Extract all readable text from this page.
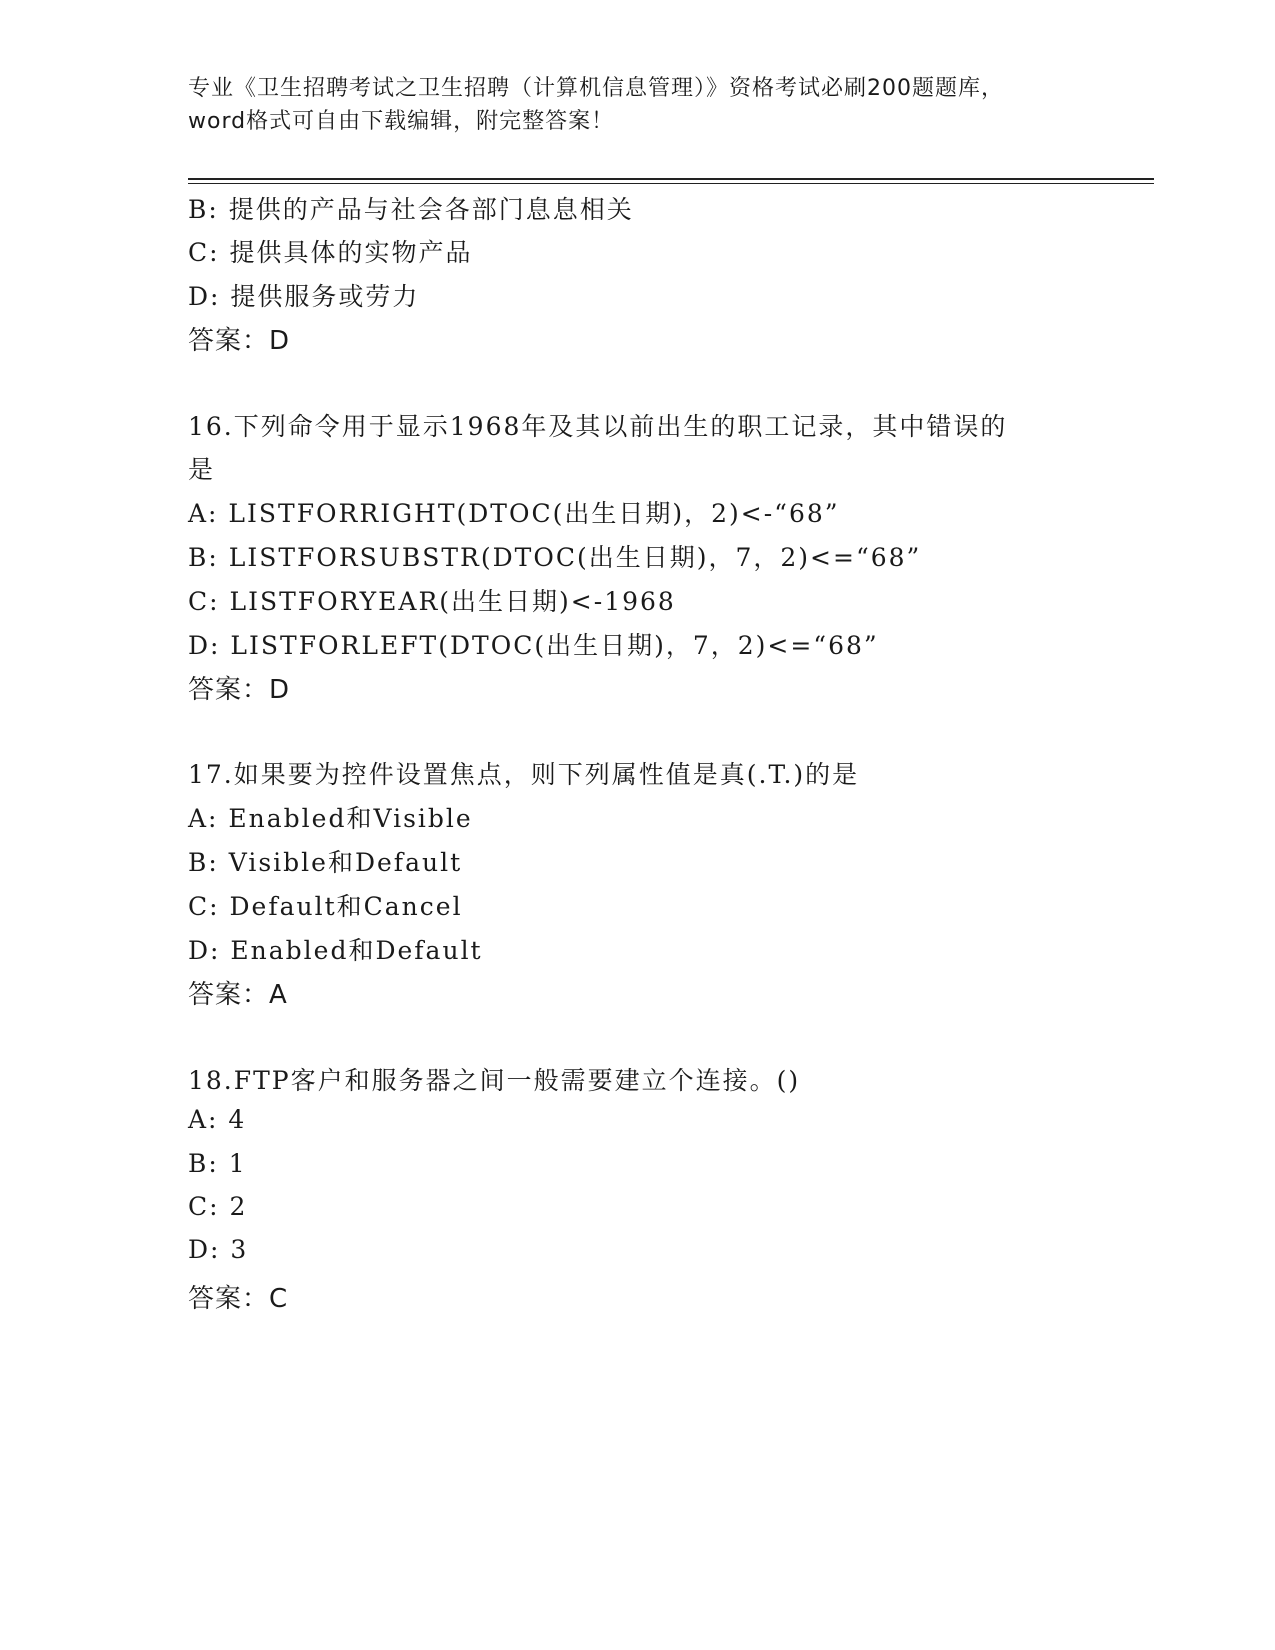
专业《卫生招聘考试之卫生招聘（计算机信息管理）》资格考试必刷200题题库，
word格式可自由下载编辑，附完整答案！
B: 提供的产品与社会各部门息息相关
C: 提供具体的实物产品
D: 提供服务或劳力
答案：D
16.下列命令用于显示1968年及其以前出生的职工记录，其中错误的
是
A: LISTFORRIGHT(DTOC(出生日期)，2)<-“68”
B: LISTFORSUBSTR(DTOC(出生日期)，7，2)<=“68”
C: LISTFORYEAR(出生日期)<-1968
D: LISTFORLEFT(DTOC(出生日期)，7，2)<=“68”
答案：D
17.如果要为控件设置焦点，则下列属性值是真(.T.)的是
A: Enabled和Visible
B: Visible和Default
C: Default和Cancel
D: Enabled和Default
答案：A
18.FTP客户和服务器之间一般需要建立个连接。()
A: 4
B: 1
C: 2
D: 3
答案：C
